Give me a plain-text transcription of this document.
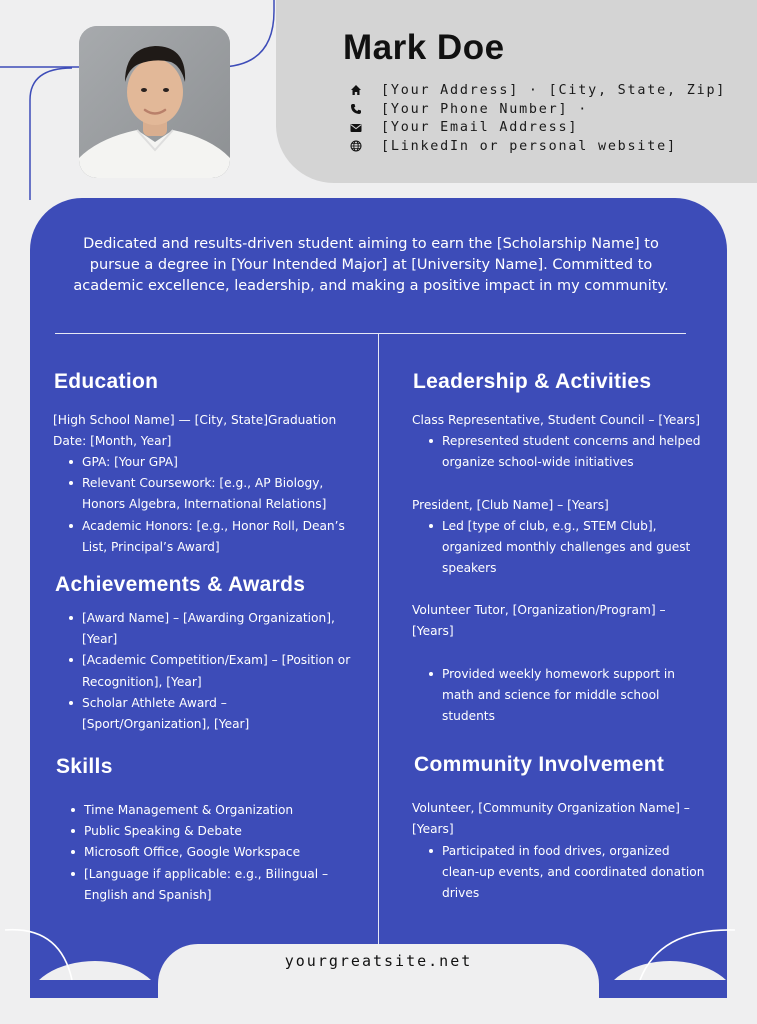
Mark Doe
[Your Address] · [City, State, Zip]
[Your Phone Number] ·
[Your Email Address]
[LinkedIn or personal website]

Dedicated and results-driven student aiming to earn the [Scholarship Name] to pursue a degree in [Your Intended Major] at [University Name]. Committed to academic excellence, leadership, and making a positive impact in my community.

Education

[High School Name] — [City, State]Graduation Date: [Month, Year]

GPA: [Your GPA]
Relevant Coursework: [e.g., AP Biology, Honors Algebra, International Relations]
Academic Honors: [e.g., Honor Roll, Dean’s List, Principal’s Award]
Achievements & Awards
[Award Name] – [Awarding Organization], [Year]
[Academic Competition/Exam] – [Position or Recognition], [Year]
Scholar Athlete Award – [Sport/Organization], [Year]
Skills
Time Management & Organization
Public Speaking & Debate
Microsoft Office, Google Workspace
[Language if applicable: e.g., Bilingual – English and Spanish]
Leadership & Activities

Class Representative, Student Council – [Years]

Represented student concerns and helped organize school-wide initiatives

President, [Club Name] – [Years]

Led [type of club, e.g., STEM Club], organized monthly challenges and guest speakers

Volunteer Tutor, [Organization/Program] – [Years]

Provided weekly homework support in math and science for middle school students
Community Involvement

Volunteer, [Community Organization Name] – [Years]

Participated in food drives, organized clean-up events, and coordinated donation drives
yourgreatsite.net
